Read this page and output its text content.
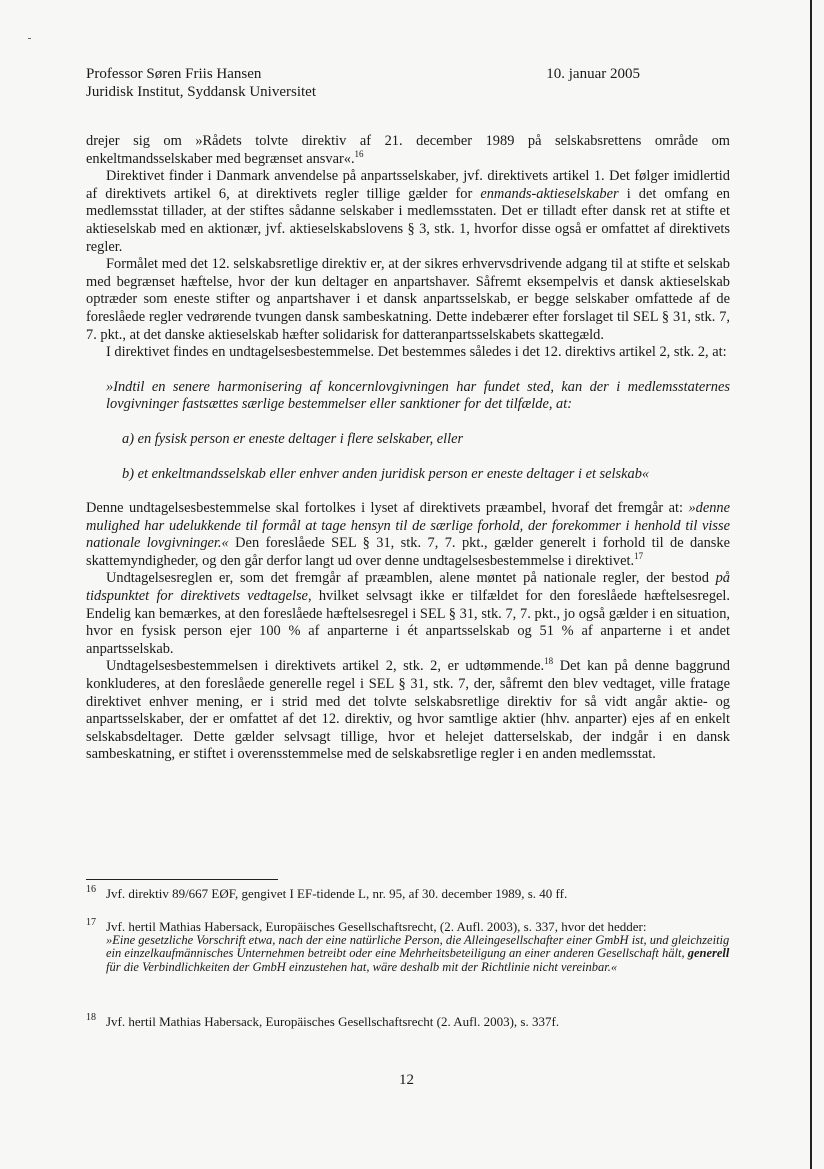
Professor Søren Friis Hansen
Juridisk Institut, Syddansk Universitet
10. januar 2005

drejer sig om »Rådets tolvte direktiv af 21. december 1989 på selskabsrettens område om enkeltmandsselskaber med begrænset ansvar«.$^{16}$

Direktivet finder i Danmark anvendelse på anpartsselskaber, jvf. direktivets artikel 1. Det følger imidlertid af direktivets artikel 6, at direktivets regler tillige gælder for enmands-aktieselskaber i det omfang en medlemsstat tillader, at der stiftes sådanne selskaber i medlemsstaten. Det er tilladt efter dansk ret at stifte et aktieselskab med en aktionær, jvf. aktieselskabslovens § 3, stk. 1, hvorfor disse også er omfattet af direktivets regler.

Formålet med det 12. selskabsretlige direktiv er, at der sikres erhvervsdrivende adgang til at stifte et selskab med begrænset hæftelse, hvor der kun deltager en anpartshaver. Såfremt eksempelvis et dansk aktieselskab optræder som eneste stifter og anpartshaver i et dansk anpartsselskab, er begge selskaber omfattede af de foreslåede regler vedrørende tvungen dansk sambeskatning. Dette indebærer efter forslaget til SEL § 31, stk. 7, 7. pkt., at det danske aktieselskab hæfter solidarisk for datteranpartsselskabets skattegæld.

I direktivet findes en undtagelsesbestemmelse. Det bestemmes således i det 12. direktivs artikel 2, stk. 2, at:

»Indtil en senere harmonisering af koncernlovgivningen har fundet sted, kan der i medlemsstaternes lovgivninger fastsættes særlige bestemmelser eller sanktioner for det tilfælde, at:

a) en fysisk person er eneste deltager i flere selskaber, eller

b) et enkeltmandsselskab eller enhver anden juridisk person er eneste deltager i et selskab«

Denne undtagelsesbestemmelse skal fortolkes i lyset af direktivets præambel, hvoraf det fremgår at: »denne mulighed har udelukkende til formål at tage hensyn til de særlige forhold, der forekommer i henhold til visse nationale lovgivninger.« Den foreslåede SEL § 31, stk. 7, 7. pkt., gælder generelt i forhold til de danske skattemyndigheder, og den går derfor langt ud over denne undtagelsesbestemmelse i direktivet.$^{17}$

Undtagelsesreglen er, som det fremgår af præamblen, alene møntet på nationale regler, der bestod på tidspunktet for direktivets vedtagelse, hvilket selvsagt ikke er tilfældet for den foreslåede hæftelsesregel. Endelig kan bemærkes, at den foreslåede hæftelsesregel i SEL § 31, stk. 7, 7. pkt., jo også gælder i en situation, hvor en fysisk person ejer 100 % af anparterne i ét anpartsselskab og 51 % af anparterne i et andet anpartsselskab.

Undtagelsesbestemmelsen i direktivets artikel 2, stk. 2, er udtømmende.$^{18}$ Det kan på denne baggrund konkluderes, at den foreslåede generelle regel i SEL § 31, stk. 7, der, såfremt den blev vedtaget, ville fratage direktivet enhver mening, er i strid med det tolvte selskabsretlige direktiv for så vidt angår aktie- og anpartsselskaber, der er omfattet af det 12. direktiv, og hvor samtlige aktier (hhv. anparter) ejes af en enkelt selskabsdeltager. Dette gælder selvsagt tillige, hvor et helejet datterselskab, der indgår i en dansk sambeskatning, er stiftet i overensstemmelse med de selskabsretlige regler i en anden medlemsstat.

16 Jvf. direktiv 89/667 EØF, gengivet I EF-tidende L, nr. 95, af 30. december 1989, s. 40 ff.
17 Jvf. hertil Mathias Habersack, Europäisches Gesellschaftsrecht, (2. Aufl. 2003), s. 337, hvor det hedder:
»Eine gesetzliche Vorschrift etwa, nach der eine natürliche Person, die Alleingesellschafter einer GmbH ist, und gleichzeitig ein einzelkaufmännisches Unternehmen betreibt oder eine Mehrheitsbeteiligung an einer anderen Gesellschaft hält, generell für die Verbindlichkeiten der GmbH einzustehen hat, wäre deshalb mit der Richtlinie nicht vereinbar.«
18 Jvf. hertil Mathias Habersack, Europäisches Gesellschaftsrecht (2. Aufl. 2003), s. 337f.
12
